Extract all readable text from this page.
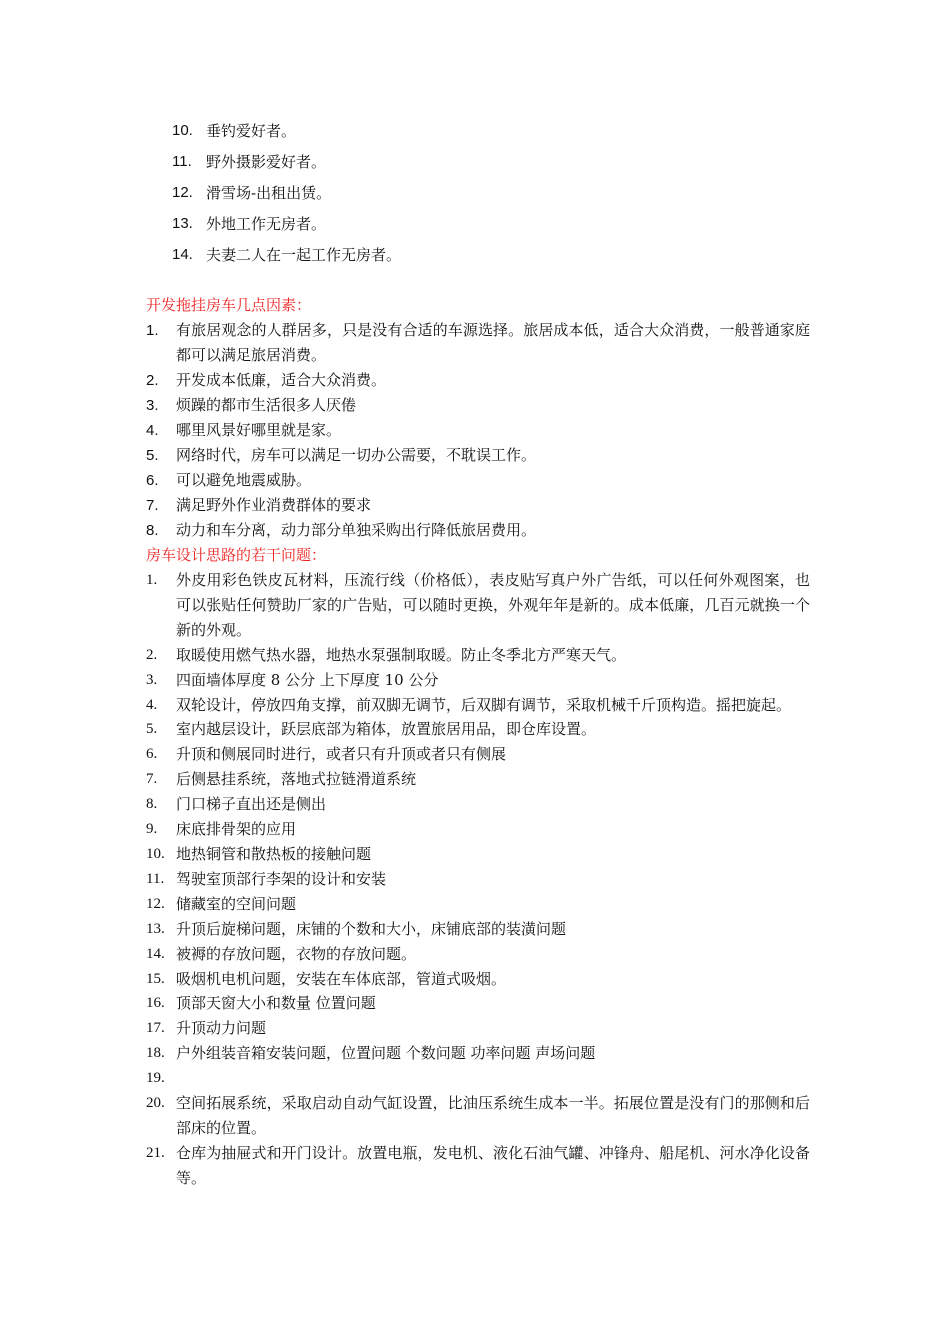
10. 垂钓爱好者。
11. 野外摄影爱好者。
12. 滑雪场-出租出赁。
13. 外地工作无房者。
14. 夫妻二人在一起工作无房者。
开发拖挂房车几点因素：
1.	有旅居观念的人群居多，只是没有合适的车源选择。旅居成本低，适合大众消费，一般普通家庭都可以满足旅居消费。
2.	开发成本低廉，适合大众消费。
3.	烦躁的都市生活很多人厌倦
4.	哪里风景好哪里就是家。
5.	网络时代，房车可以满足一切办公需要，不耽误工作。
6.	可以避免地震威胁。
7.	满足野外作业消费群体的要求
8.	动力和车分离，动力部分单独采购出行降低旅居费用。
房车设计思路的若干问题：
1.	外皮用彩色铁皮瓦材料，压流行线（价格低），表皮贴写真户外广告纸，可以任何外观图案，也可以张贴任何赞助厂家的广告贴，可以随时更换，外观年年是新的。成本低廉，几百元就换一个新的外观。
2.	取暖使用燃气热水器，地热水泵强制取暖。防止冬季北方严寒天气。
3.	四面墙体厚度 8 公分 上下厚度 10 公分
4.	双轮设计，停放四角支撑，前双脚无调节，后双脚有调节，采取机械千斤顶构造。摇把旋起。
5.	室内越层设计，跃层底部为箱体，放置旅居用品，即仓库设置。
6.	升顶和侧展同时进行，或者只有升顶或者只有侧展
7.	后侧悬挂系统，落地式拉链滑道系统
8.	门口梯子直出还是侧出
9.	床底排骨架的应用
10. 地热铜管和散热板的接触问题
11. 驾驶室顶部行李架的设计和安装
12. 储藏室的空间问题
13. 升顶后旋梯问题，床铺的个数和大小，床铺底部的装潢问题
14. 被褥的存放问题，衣物的存放问题。
15. 吸烟机电机问题，安装在车体底部，管道式吸烟。
16. 顶部天窗大小和数量 位置问题
17. 升顶动力问题
18. 户外组装音箱安装问题，位置问题 个数问题 功率问题 声场问题
19.
20. 空间拓展系统，采取启动自动气缸设置，比油压系统生成本一半。拓展位置是没有门的那侧和后部床的位置。
21. 仓库为抽屉式和开门设计。放置电瓶，发电机、液化石油气罐、冲锋舟、船尾机、河水净化设备等。
